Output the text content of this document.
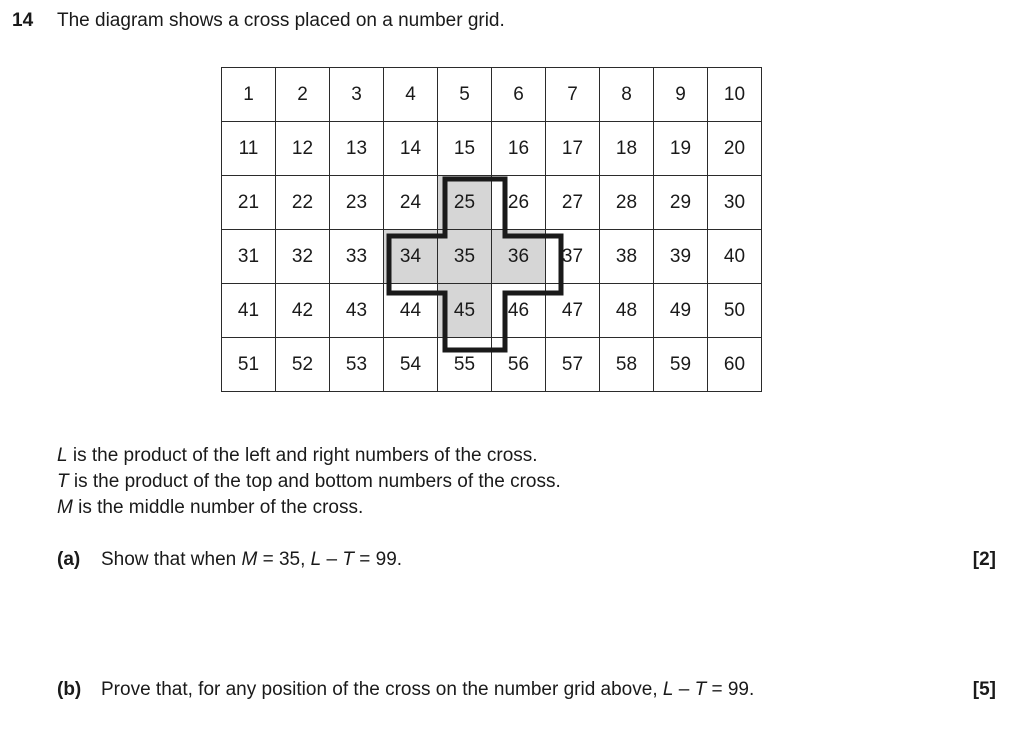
14 The diagram shows a cross placed on a number grid.
1	2	3	4	5	6	7	8	9	10
11	12	13	14	15	16	17	18	19	20
21	22	23	24	25	26	27	28	29	30
31	32	33	34	35	36	37	38	39	40
41	42	43	44	45	46	47	48	49	50
51	52	53	54	55	56	57	58	59	60
L is the product of the left and right numbers of the cross.
T is the product of the top and bottom numbers of the cross.
M is the middle number of the cross.
(a) Show that when M = 35, L – T = 99.	[2]
(b) Prove that, for any position of the cross on the number grid above, L – T = 99.	[5]
